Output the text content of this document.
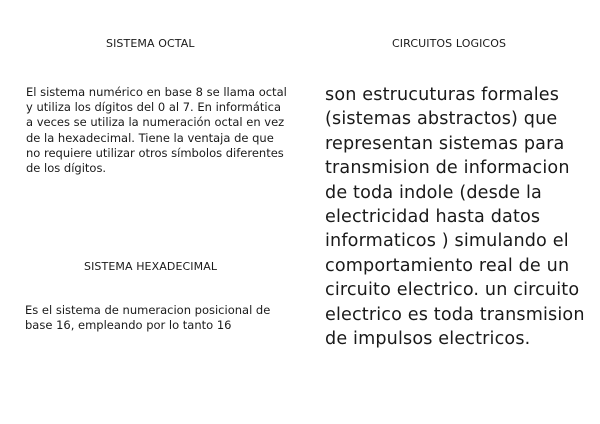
SISTEMA OCTAL

El sistema numérico en base 8 se llama octal y utiliza los dígitos del 0 al 7. En informática a veces se utiliza la numeración octal en vez de la hexadecimal. Tiene la ventaja de que no requiere utilizar otros símbolos diferentes de los dígitos.

SISTEMA HEXADECIMAL

Es el sistema de numeracion posicional de base 16, empleando por lo tanto 16

CIRCUITOS LOGICOS

son estrucuturas formales (sistemas abstractos) que representan sistemas para transmision de informacion de toda indole (desde la electricidad hasta datos informaticos ) simulando el comportamiento real de un circuito electrico. un circuito electrico es toda transmision de impulsos electricos.
